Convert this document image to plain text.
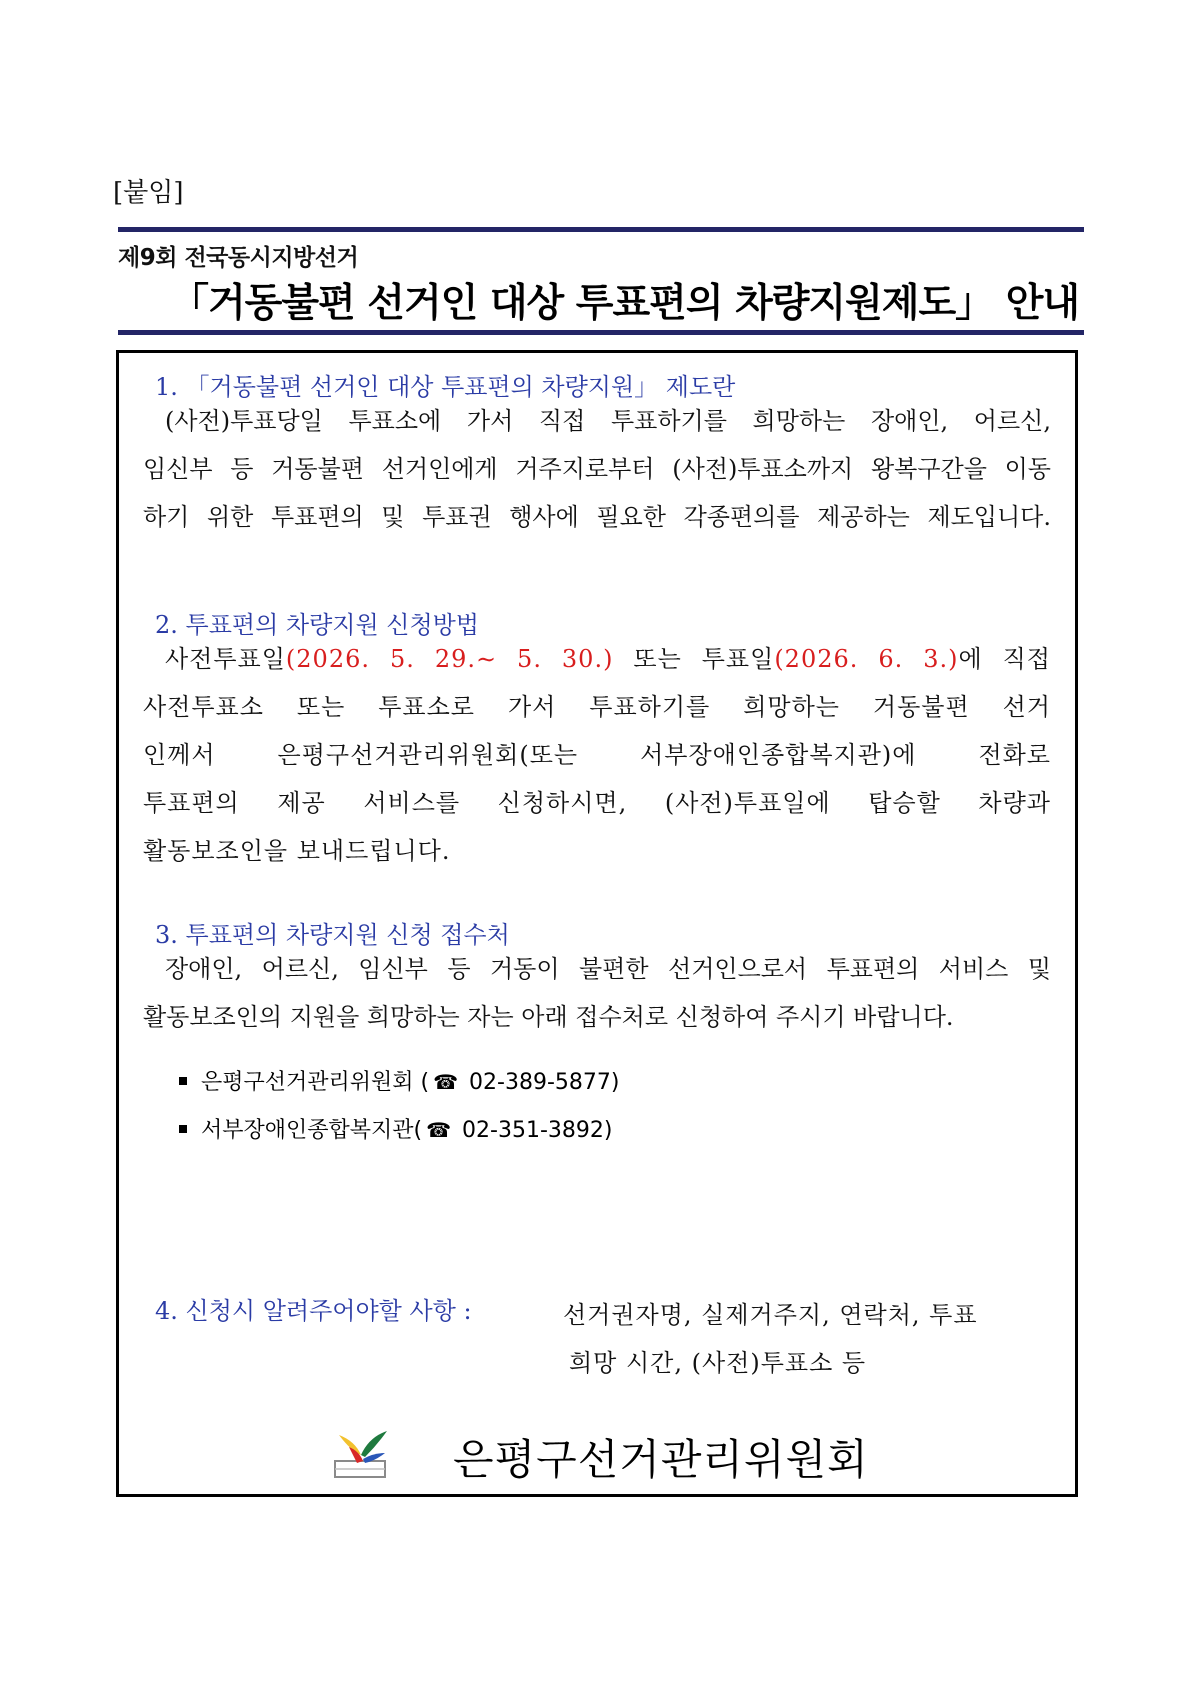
[붙임]
제9회 전국동시지방선거
「거동불편 선거인 대상 투표편의 차량지원제도」 안내
1. 「거동불편 선거인 대상 투표편의 차량지원」 제도란
(사전)투표당일 투표소에 가서 직접 투표하기를 희망하는 장애인, 어르신,
임신부 등 거동불편 선거인에게 거주지로부터 (사전)투표소까지 왕복구간을 이동
하기 위한 투표편의 및 투표권 행사에 필요한 각종편의를 제공하는 제도입니다.
2. 투표편의 차량지원 신청방법
사전투표일(2026. 5. 29.∼ 5. 30.) 또는 투표일(2026. 6. 3.)에 직접
사전투표소 또는 투표소로 가서 투표하기를 희망하는 거동불편 선거
인께서 은평구선거관리위원회(또는 서부장애인종합복지관)에 전화로
투표편의 제공 서비스를 신청하시면, (사전)투표일에 탑승할 차량과
활동보조인을 보내드립니다.
3. 투표편의 차량지원 신청 접수처
장애인, 어르신, 임신부 등 거동이 불편한 선거인으로서 투표편의 서비스 및
활동보조인의 지원을 희망하는 자는 아래 접수처로 신청하여 주시기 바랍니다.
은평구선거관리위원회 ( ☎ 02-389-5877)
서부장애인종합복지관( ☎ 02-351-3892)
4. 신청시 알려주어야할 사항 :	선거권자명, 실제거주지, 연락처, 투표
희망 시간, (사전)투표소 등
은평구선거관리위원회
